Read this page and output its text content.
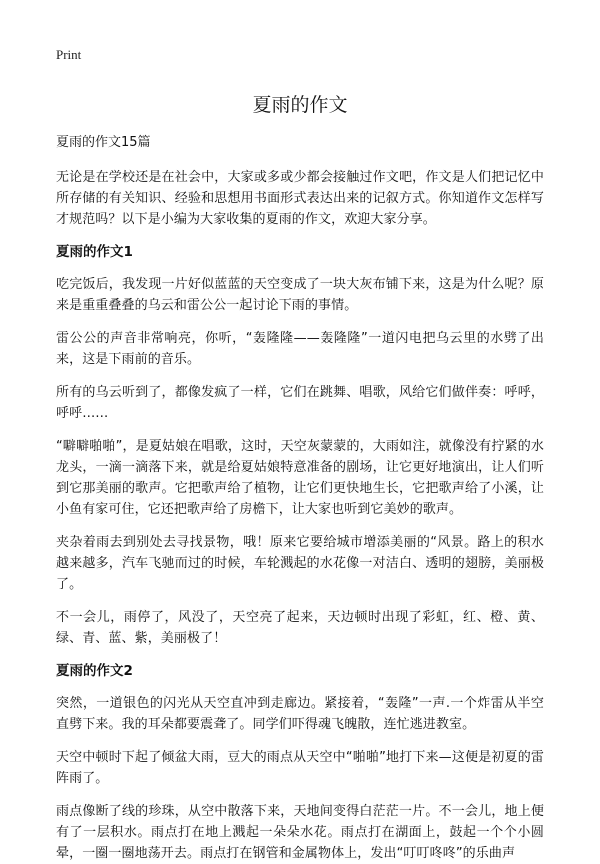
Print
夏雨的作文

夏雨的作文15篇

无论是在学校还是在社会中，大家或多或少都会接触过作文吧，作文是人们把记忆中所存储的有关知识、经验和思想用书面形式表达出来的记叙方式。你知道作文怎样写才规范吗？以下是小编为大家收集的夏雨的作文，欢迎大家分享。

夏雨的作文1

吃完饭后，我发现一片好似蓝蓝的天空变成了一块大灰布铺下来，这是为什么呢？原来是重重叠叠的乌云和雷公公一起讨论下雨的事情。

雷公公的声音非常响亮，你听，“轰隆隆——轰隆隆”一道闪电把乌云里的水劈了出来，这是下雨前的音乐。

所有的乌云听到了，都像发疯了一样，它们在跳舞、唱歌，风给它们做伴奏：呼呼，呼呼……

“噼噼啪啪”，是夏姑娘在唱歌，这时，天空灰蒙蒙的，大雨如注，就像没有拧紧的水龙头，一滴一滴落下来，就是给夏姑娘特意准备的剧场，让它更好地演出，让人们听到它那美丽的歌声。它把歌声给了植物，让它们更快地生长，它把歌声给了小溪，让小鱼有家可住，它还把歌声给了房檐下，让大家也听到它美妙的歌声。

夹杂着雨去到别处去寻找景物，哦！原来它要给城市增添美丽的“风景。路上的积水越来越多，汽车飞驰而过的时候，车轮溅起的水花像一对洁白、透明的翅膀，美丽极了。

不一会儿，雨停了，风没了，天空亮了起来，天边顿时出现了彩虹，红、橙、黄、绿、青、蓝、紫，美丽极了！

夏雨的作文2

突然，一道银色的闪光从天空直冲到走廊边。紧接着，“轰隆”一声.一个炸雷从半空直劈下来。我的耳朵都要震聋了。同学们吓得魂飞魄散，连忙逃进教室。

天空中顿时下起了倾盆大雨，豆大的雨点从天空中“啪啪”地打下来—这便是初夏的雷阵雨了。

雨点像断了线的珍珠，从空中散落下来，天地间变得白茫茫一片。不一会儿，地上便有了一层积水。雨点打在地上溅起一朵朵水花。雨点打在湖面上，鼓起一个个小圆晕，一圈一圈地荡开去。雨点打在钢管和金属物体上，发出“叮叮咚咚”的乐曲声
